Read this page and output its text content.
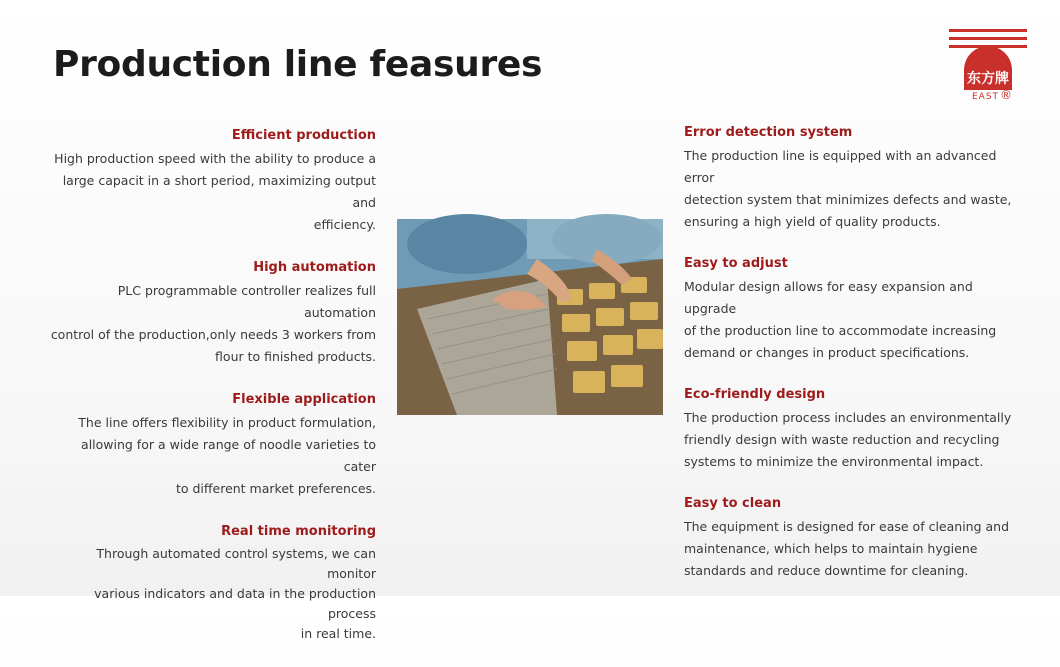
Production line feasures	东方牌
EAST ®
Efficient production
High production speed with the ability to produce a
large capacit in a short period, maximizing output and
efficiency.
High automation
PLC programmable controller realizes full automation
control of the production,only needs 3 workers from
flour to finished products.
Flexible application
The line offers flexibility in product formulation,
allowing for a wide range of noodle varieties to cater
to different market preferences.
Real time monitoring
Through automated control systems, we can monitor
various indicators and data in the production process
in real time.
Error detection system
The production line is equipped with an advanced error
detection system that minimizes defects and waste,
ensuring a high yield of quality products.
Easy to adjust
Modular design allows for easy expansion and upgrade
of the production line to accommodate increasing
demand or changes in product specifications.
Eco-friendly design
The production process includes an environmentally
friendly design with waste reduction and recycling
systems to minimize the environmental impact.
Easy to clean
The equipment is designed for ease of cleaning and
maintenance, which helps to maintain hygiene
standards and reduce downtime for cleaning.
